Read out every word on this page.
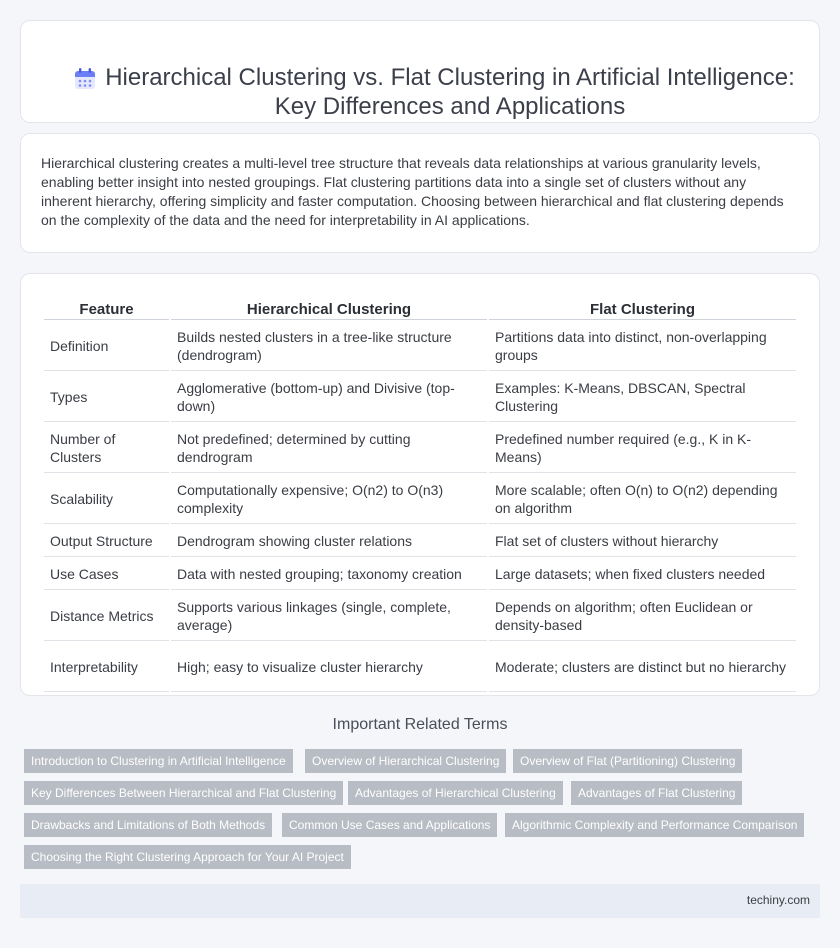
Hierarchical Clustering vs. Flat Clustering in Artificial Intelligence: Key Differences and Applications

Hierarchical clustering creates a multi-level tree structure that reveals data relationships at various granularity levels, enabling better insight into nested groupings. Flat clustering partitions data into a single set of clusters without any inherent hierarchy, offering simplicity and faster computation. Choosing between hierarchical and flat clustering depends on the complexity of the data and the need for interpretability in AI applications.

Feature	Hierarchical Clustering	Flat Clustering
Definition	Builds nested clusters in a tree-like structure (dendrogram)	Partitions data into distinct, non-overlapping groups
Types	Agglomerative (bottom-up) and Divisive (top-down)	Examples: K-Means, DBSCAN, Spectral Clustering
Number of Clusters	Not predefined; determined by cutting dendrogram	Predefined number required (e.g., K in K-Means)
Scalability	Computationally expensive; O(n2) to O(n3) complexity	More scalable; often O(n) to O(n2) depending on algorithm
Output Structure	Dendrogram showing cluster relations	Flat set of clusters without hierarchy
Use Cases	Data with nested grouping; taxonomy creation	Large datasets; when fixed clusters needed
Distance Metrics	Supports various linkages (single, complete, average)	Depends on algorithm; often Euclidean or density-based
Interpretability	High; easy to visualize cluster hierarchy	Moderate; clusters are distinct but no hierarchy
Important Related Terms
Introduction to Clustering in Artificial Intelligence	Overview of Hierarchical Clustering	Overview of Flat (Partitioning) Clustering
Key Differences Between Hierarchical and Flat Clustering	Advantages of Hierarchical Clustering	Advantages of Flat Clustering
Drawbacks and Limitations of Both Methods	Common Use Cases and Applications	Algorithmic Complexity and Performance Comparison
Choosing the Right Clustering Approach for Your AI Project
techiny.com
